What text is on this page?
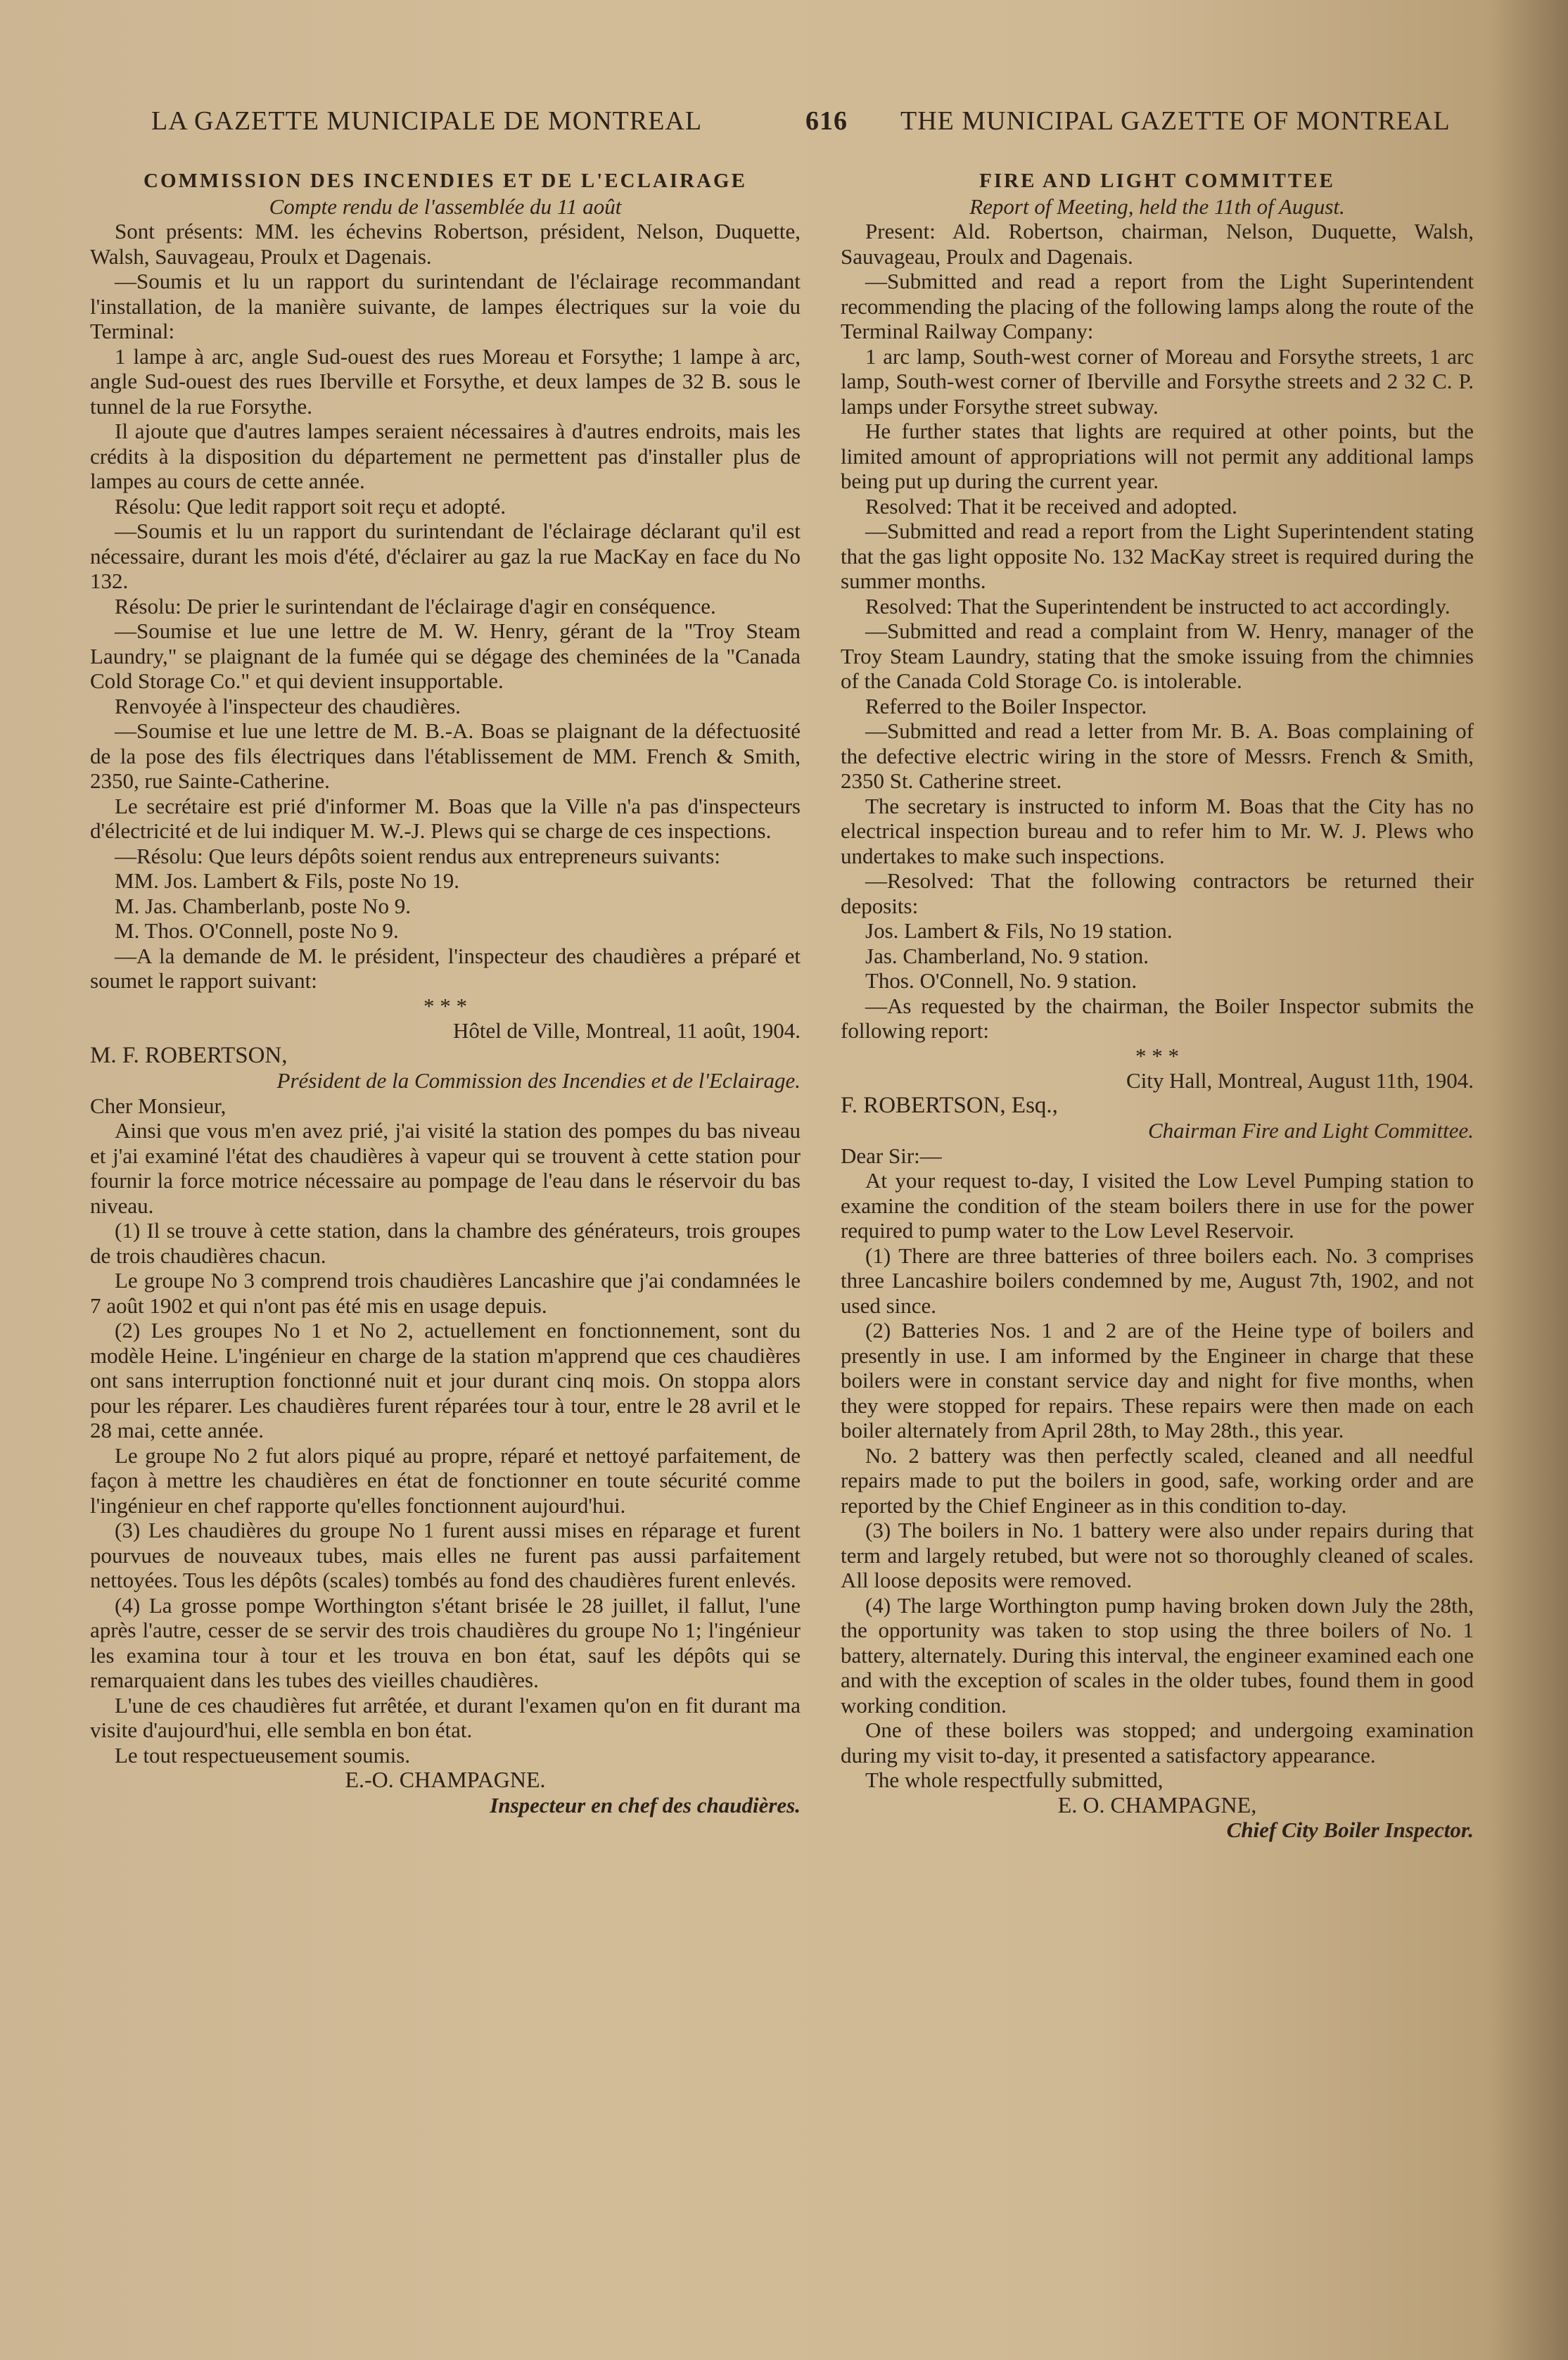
LA GAZETTE MUNICIPALE DE MONTREAL	616 THE MUNICIPAL GAZETTE OF MONTREAL

COMMISSION DES INCENDIES ET DE L'ECLAIRAGE

Compte rendu de l'assemblée du 11 août

Sont présents: MM. les échevins Robertson, président, Nelson, Duquette, Walsh, Sauvageau, Proulx et Dagenais.

—Soumis et lu un rapport du surintendant de l'éclairage recommandant l'installation, de la manière suivante, de lampes électriques sur la voie du Terminal:

1 lampe à arc, angle Sud-ouest des rues Moreau et Forsythe; 1 lampe à arc, angle Sud-ouest des rues Iberville et Forsythe, et deux lampes de 32 B. sous le tunnel de la rue Forsythe.

Il ajoute que d'autres lampes seraient nécessaires à d'autres endroits, mais les crédits à la disposition du département ne permettent pas d'installer plus de lampes au cours de cette année.

Résolu: Que ledit rapport soit reçu et adopté.

—Soumis et lu un rapport du surintendant de l'éclairage déclarant qu'il est nécessaire, durant les mois d'été, d'éclairer au gaz la rue MacKay en face du No 132.

Résolu: De prier le surintendant de l'éclairage d'agir en conséquence.

—Soumise et lue une lettre de M. W. Henry, gérant de la "Troy Steam Laundry," se plaignant de la fumée qui se dégage des cheminées de la "Canada Cold Storage Co." et qui devient insupportable.

Renvoyée à l'inspecteur des chaudières.

—Soumise et lue une lettre de M. B.-A. Boas se plaignant de la défectuosité de la pose des fils électriques dans l'établissement de MM. French & Smith, 2350, rue Sainte-Catherine.

Le secrétaire est prié d'informer M. Boas que la Ville n'a pas d'inspecteurs d'électricité et de lui indiquer M. W.-J. Plews qui se charge de ces inspections.

—Résolu: Que leurs dépôts soient rendus aux entrepreneurs suivants:

MM. Jos. Lambert & Fils, poste No 19.

M. Jas. Chamberlanb, poste No 9.

M. Thos. O'Connell, poste No 9.

—A la demande de M. le président, l'inspecteur des chaudières a préparé et soumet le rapport suivant:

* * *

Hôtel de Ville, Montreal, 11 août, 1904.

M. F. ROBERTSON,

Président de la Commission des Incendies et de l'Eclairage.

Cher Monsieur,

Ainsi que vous m'en avez prié, j'ai visité la station des pompes du bas niveau et j'ai examiné l'état des chaudières à vapeur qui se trouvent à cette station pour fournir la force motrice nécessaire au pompage de l'eau dans le réservoir du bas niveau.

(1) Il se trouve à cette station, dans la chambre des générateurs, trois groupes de trois chaudières chacun.

Le groupe No 3 comprend trois chaudières Lancashire que j'ai condamnées le 7 août 1902 et qui n'ont pas été mis en usage depuis.

(2) Les groupes No 1 et No 2, actuellement en fonctionnement, sont du modèle Heine. L'ingénieur en charge de la station m'apprend que ces chaudières ont sans interruption fonctionné nuit et jour durant cinq mois. On stoppa alors pour les réparer. Les chaudières furent réparées tour à tour, entre le 28 avril et le 28 mai, cette année.

Le groupe No 2 fut alors piqué au propre, réparé et nettoyé parfaitement, de façon à mettre les chaudières en état de fonctionner en toute sécurité comme l'ingénieur en chef rapporte qu'elles fonctionnent aujourd'hui.

(3) Les chaudières du groupe No 1 furent aussi mises en réparage et furent pourvues de nouveaux tubes, mais elles ne furent pas aussi parfaitement nettoyées. Tous les dépôts (scales) tombés au fond des chaudières furent enlevés.

(4) La grosse pompe Worthington s'étant brisée le 28 juillet, il fallut, l'une après l'autre, cesser de se servir des trois chaudières du groupe No 1; l'ingénieur les examina tour à tour et les trouva en bon état, sauf les dépôts qui se remarquaient dans les tubes des vieilles chaudières.

L'une de ces chaudières fut arrêtée, et durant l'examen qu'on en fit durant ma visite d'aujourd'hui, elle sembla en bon état.

Le tout respectueusement soumis.

E.-O. CHAMPAGNE.

Inspecteur en chef des chaudières.

FIRE AND LIGHT COMMITTEE

Report of Meeting, held the 11th of August.

Present: Ald. Robertson, chairman, Nelson, Duquette, Walsh, Sauvageau, Proulx and Dagenais.

—Submitted and read a report from the Light Superintendent recommending the placing of the following lamps along the route of the Terminal Railway Company:

1 arc lamp, South-west corner of Moreau and Forsythe streets, 1 arc lamp, South-west corner of Iberville and Forsythe streets and 2 32 C. P. lamps under Forsythe street subway.

He further states that lights are required at other points, but the limited amount of appropriations will not permit any additional lamps being put up during the current year.

Resolved: That it be received and adopted.

—Submitted and read a report from the Light Superintendent stating that the gas light opposite No. 132 MacKay street is required during the summer months.

Resolved: That the Superintendent be instructed to act accordingly.

—Submitted and read a complaint from W. Henry, manager of the Troy Steam Laundry, stating that the smoke issuing from the chimnies of the Canada Cold Storage Co. is intolerable.

Referred to the Boiler Inspector.

—Submitted and read a letter from Mr. B. A. Boas complaining of the defective electric wiring in the store of Messrs. French & Smith, 2350 St. Catherine street.

The secretary is instructed to inform M. Boas that the City has no electrical inspection bureau and to refer him to Mr. W. J. Plews who undertakes to make such inspections.

—Resolved: That the following contractors be returned their deposits:

Jos. Lambert & Fils, No 19 station.

Jas. Chamberland, No. 9 station.

Thos. O'Connell, No. 9 station.

—As requested by the chairman, the Boiler Inspector submits the following report:

* * *

City Hall, Montreal, August 11th, 1904.

F. ROBERTSON, Esq.,

Chairman Fire and Light Committee.

Dear Sir:—

At your request to-day, I visited the Low Level Pumping station to examine the condition of the steam boilers there in use for the power required to pump water to the Low Level Reservoir.

(1) There are three batteries of three boilers each. No. 3 comprises three Lancashire boilers condemned by me, August 7th, 1902, and not used since.

(2) Batteries Nos. 1 and 2 are of the Heine type of boilers and presently in use. I am informed by the Engineer in charge that these boilers were in constant service day and night for five months, when they were stopped for repairs. These repairs were then made on each boiler alternately from April 28th, to May 28th., this year.

No. 2 battery was then perfectly scaled, cleaned and all needful repairs made to put the boilers in good, safe, working order and are reported by the Chief Engineer as in this condition to-day.

(3) The boilers in No. 1 battery were also under repairs during that term and largely retubed, but were not so thoroughly cleaned of scales. All loose deposits were removed.

(4) The large Worthington pump having broken down July the 28th, the opportunity was taken to stop using the three boilers of No. 1 battery, alternately. During this interval, the engineer examined each one and with the exception of scales in the older tubes, found them in good working condition.

One of these boilers was stopped; and undergoing examination during my visit to-day, it presented a satisfactory appearance.

The whole respectfully submitted,

E. O. CHAMPAGNE,

Chief City Boiler Inspector.
